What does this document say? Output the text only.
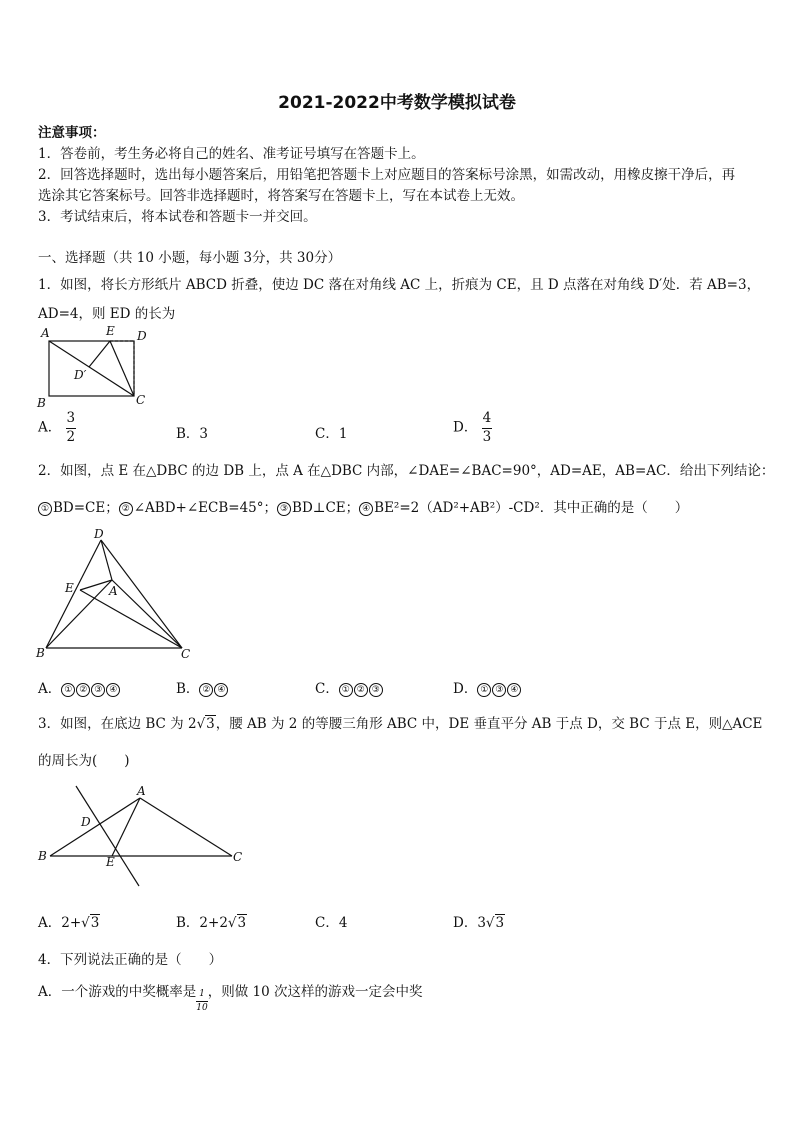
2021-2022中考数学模拟试卷
注意事项：
1．答卷前，考生务必将自己的姓名、准考证号填写在答题卡上。
2．回答选择题时，选出每小题答案后，用铅笔把答题卡上对应题目的答案标号涂黑，如需改动，用橡皮擦干净后，再
选涂其它答案标号。回答非选择题时，将答案写在答题卡上，写在本试卷上无效。
3．考试结束后，将本试卷和答题卡一并交回。
一、选择题（共 10 小题，每小题 3分，共 30分）
1．如图，将长方形纸片 ABCD 折叠，使边 DC 落在对角线 AC 上，折痕为 CE，且 D 点落在对角线 D′处．若 AB=3，
AD=4，则 ED 的长为
A	E D
D′
B	C
A． $\frac{3}{2}$	B．3	C．1	D． $\frac{4}{3}$
2．如图，点 E 在△DBC 的边 DB 上，点 A 在△DBC 内部，∠DAE=∠BAC=90°，AD=AE，AB=AC．给出下列结论：
① BD=CE； ② ∠ABD+∠ECB=45°； ③ BD⊥CE； ④ BE²=2（AD²+AB²）-CD²．其中正确的是（　　）
D
E	A
B	C
A． ① ② ③ ④	B． ② ④	C． ① ② ③	D． ① ③ ④
3．如图，在底边 BC 为 2√3，腰 AB 为 2 的等腰三角形 ABC 中，DE 垂直平分 AB 于点 D，交 BC 于点 E，则△ACE
的周长为(　　)
A
D
B	E	C
A．2+√3	B．2+2√3	C．4	D．3√3
4．下列说法正确的是（　　）
A．一个游戏的中奖概率是 $\frac{1}{10}$ ，则做 10 次这样的游戏一定会中奖
